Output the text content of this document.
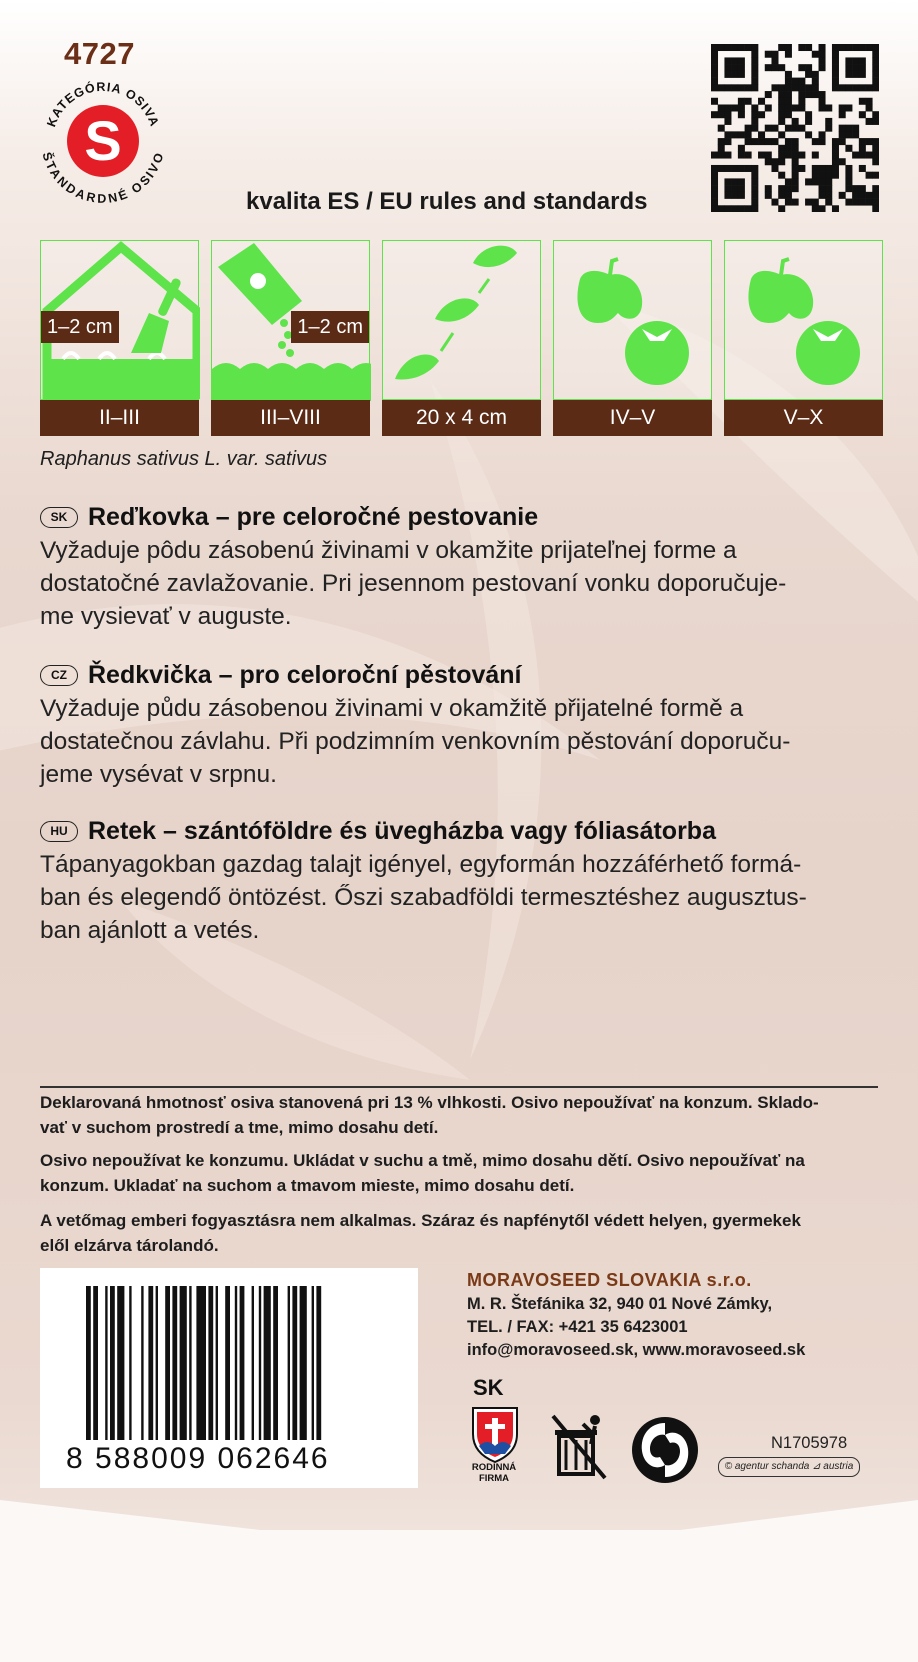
4727
S
KATEGÓRIA OSIVA
ŠTANDARDNÉ OSIVO
kvalita ES / EU rules and standards
1–2 cm
II–III
1–2 cm
III–VIII	20 x 4 cm	IV–V	V–X
Raphanus sativus L. var. sativus
SK Reďkovka – pre celoročné pestovanie
Vyžaduje pôdu zásobenú živinami v okamžite prijateľnej forme a
dostatočné zavlažovanie. Pri jesennom pestovaní vonku doporučuje-
me vysievať v auguste.
CZ Ředkvička – pro celoroční pěstování
Vyžaduje půdu zásobenou živinami v okamžitě přijatelné formě a
dostatečnou závlahu. Při podzimním venkovním pěstování doporuču-
jeme vysévat v srpnu.
HU Retek – szántóföldre és üvegházba vagy fóliasátorba
Tápanyagokban gazdag talajt igényel, egyformán hozzáférhető formá-
ban és elegendő öntözést. Őszi szabadföldi termesztéshez augusztus-
ban ajánlott a vetés.
Deklarovaná hmotnosť osiva stanovená pri 13 % vlhkosti. Osivo nepoužívať na konzum. Sklado-
vať v suchom prostredí a tme, mimo dosahu detí.
Osivo nepoužívat ke konzumu. Ukládat v suchu a tmě, mimo dosahu dětí. Osivo nepoužívať na
konzum. Ukladať na suchom a tmavom mieste, mimo dosahu detí.
A vetőmag emberi fogyasztásra nem alkalmas. Száraz és napfénytől védett helyen, gyermekek
elől elzárva tárolandó.
8 588009 062646
MORAVOSEED SLOVAKIA s.r.o.
M. R. Štefánika 32, 940 01 Nové Zámky,
TEL. / FAX: +421 35 6423001
info@moravoseed.sk, www.moravoseed.sk
SK
RODINNÁ
FIRMA
N1705978
© agentur schanda ⊿ austria
